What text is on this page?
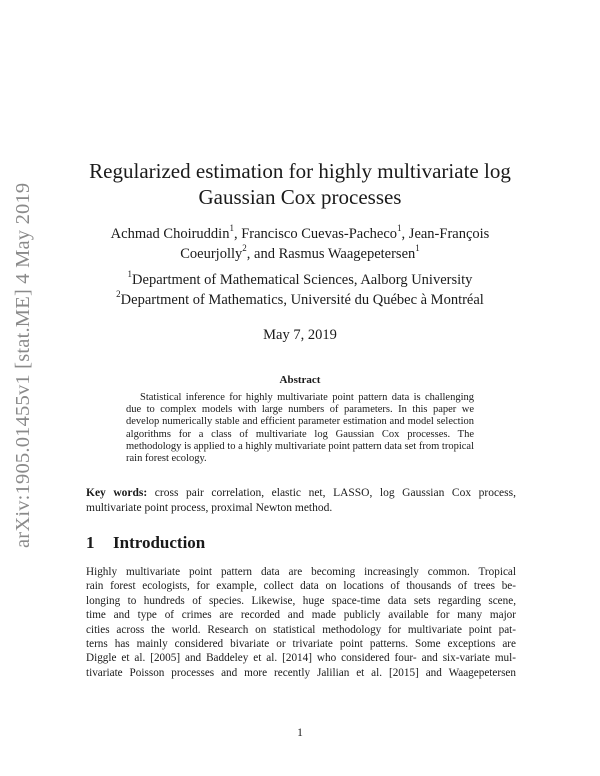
arXiv:1905.01455v1 [stat.ME] 4 May 2019
Regularized estimation for highly multivariate log
Gaussian Cox processes
Achmad Choiruddin$^1$, Francisco Cuevas-Pacheco$^1$, Jean-François
Coeurjolly$^2$, and Rasmus Waagepetersen$^1$
$^1$Department of Mathematical Sciences, Aalborg University
$^2$Department of Mathematics, Université du Québec à Montréal
May 7, 2019
Abstract
Statistical inference for highly multivariate point pattern data is challenging due to complex models with large numbers of parameters. In this paper we develop numerically stable and efficient parameter estimation and model selection algorithms for a class of multivariate log Gaussian Cox processes. The methodology is applied to a highly multivariate point pattern data set from tropical rain forest ecology.
Key words: cross pair correlation, elastic net, LASSO, log Gaussian Cox process, multivariate point process, proximal Newton method.
1 Introduction
Highly multivariate point pattern data are becoming increasingly common. Tropical
rain forest ecologists, for example, collect data on locations of thousands of trees be-
longing to hundreds of species. Likewise, huge space-time data sets regarding scene,
time and type of crimes are recorded and made publicly available for many major
cities across the world. Research on statistical methodology for multivariate point pat-
terns has mainly considered bivariate or trivariate point patterns. Some exceptions are
Diggle et al. [2005] and Baddeley et al. [2014] who considered four- and six-variate mul-
tivariate Poisson processes and more recently Jalilian et al. [2015] and Waagepetersen
1
